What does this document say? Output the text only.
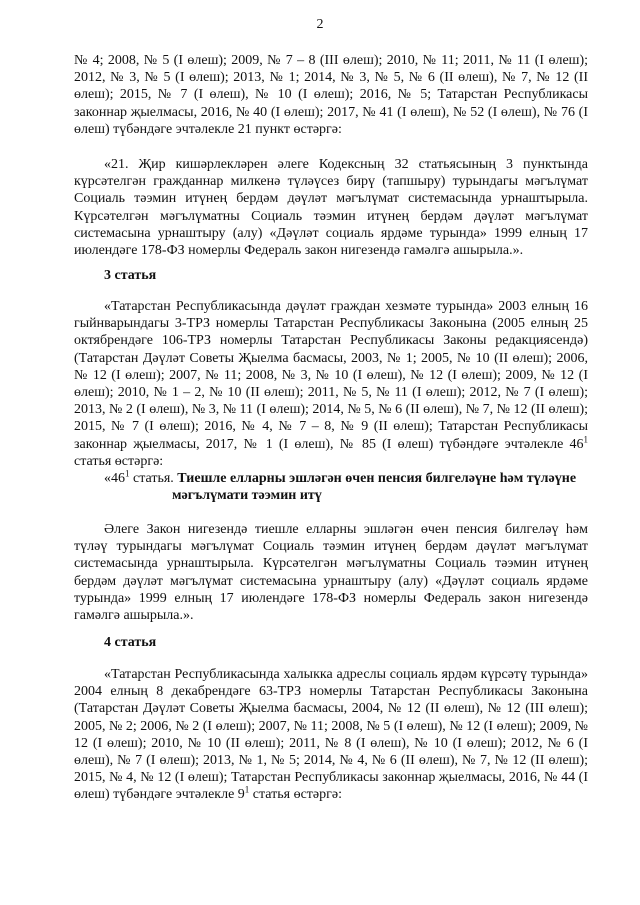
2

№ 4; 2008, № 5 (I өлеш); 2009, № 7 – 8 (III өлеш); 2010, № 11; 2011, № 11 (I өлеш); 2012, № 3, № 5 (I өлеш); 2013, № 1; 2014, № 3, № 5, № 6 (II өлеш), № 7, № 12 (II өлеш); 2015, № 7 (I өлеш), № 10 (I өлеш); 2016, № 5; Татарстан Республикасы законнар җыелмасы, 2016, № 40 (I өлеш); 2017, № 41 (I өлеш), № 52 (I өлеш), № 76 (I өлеш) түбәндәге эчтәлекле 21 пункт өстәргә:

«21. Җир кишәрлекләрен әлеге Кодексның 32 статьясының 3 пунктында күрсәтелгән гражданнар милкенә түләүсез бирү (тапшыру) турындагы мәгълүмат Социаль тәэмин итүнең бердәм дәүләт мәгълүмат системасында урнаштырыла. Күрсәтелгән мәгълүматны Социаль тәэмин итүнең бердәм дәүләт мәгълүмат системасына урнаштыру (алу) «Дәүләт социаль ярдәме турында» 1999 елның 17 июлендәге 178-ФЗ номерлы Федераль закон нигезендә гамәлгә ашырыла.».

3 статья

«Татарстан Республикасында дәүләт граждан хезмәте турында» 2003 елның 16 гыйнварындагы 3-ТРЗ номерлы Татарстан Республикасы Законына (2005 елның 25 октябрендәге 106-ТРЗ номерлы Татарстан Республикасы Законы редакциясендә) (Татарстан Дәүләт Советы Җыелма басмасы, 2003, № 1; 2005, № 10 (II өлеш); 2006, № 12 (I өлеш); 2007, № 11; 2008, № 3, № 10 (I өлеш), № 12 (I өлеш); 2009, № 12 (I өлеш); 2010, № 1 – 2, № 10 (II өлеш); 2011, № 5, № 11 (I өлеш); 2012, № 7 (I өлеш); 2013, № 2 (I өлеш), № 3, № 11 (I өлеш); 2014, № 5, № 6 (II өлеш), № 7, № 12 (II өлеш); 2015, № 7 (I өлеш); 2016, № 4, № 7 – 8, № 9 (II өлеш); Татарстан Республикасы законнар җыелмасы, 2017, № 1 (I өлеш), № 85 (I өлеш) түбәндәге эчтәлекле $46^1$ статья өстәргә:

«$46^1$ статья. Тиешле елларны эшләгән өчен пенсия билгеләүне һәм түләүне
мәгълүмати тәэмин итү

Әлеге Закон нигезендә тиешле елларны эшләгән өчен пенсия билгеләү һәм түләү турындагы мәгълүмат Социаль тәэмин итүнең бердәм дәүләт мәгълүмат системасында урнаштырыла. Күрсәтелгән мәгълүматны Социаль тәэмин итүнең бердәм дәүләт мәгълүмат системасына урнаштыру (алу) «Дәүләт социаль ярдәме турында» 1999 елның 17 июлендәге 178-ФЗ номерлы Федераль закон нигезендә гамәлгә ашырыла.».

4 статья

«Татарстан Республикасында халыкка адреслы социаль ярдәм күрсәтү турында» 2004 елның 8 декабрендәге 63-ТРЗ номерлы Татарстан Республикасы Законына (Татарстан Дәүләт Советы Җыелма басмасы, 2004, № 12 (II өлеш), № 12 (III өлеш); 2005, № 2; 2006, № 2 (I өлеш); 2007, № 11; 2008, № 5 (I өлеш), № 12 (I өлеш); 2009, № 12 (I өлеш); 2010, № 10 (II өлеш); 2011, № 8 (I өлеш), № 10 (I өлеш); 2012, № 6 (I өлеш), № 7 (I өлеш); 2013, № 1, № 5; 2014, № 4, № 6 (II өлеш), № 7, № 12 (II өлеш); 2015, № 4, № 12 (I өлеш); Татарстан Республикасы законнар җыелмасы, 2016, № 44 (I өлеш) түбәндәге эчтәлекле $9^1$ статья өстәргә:
